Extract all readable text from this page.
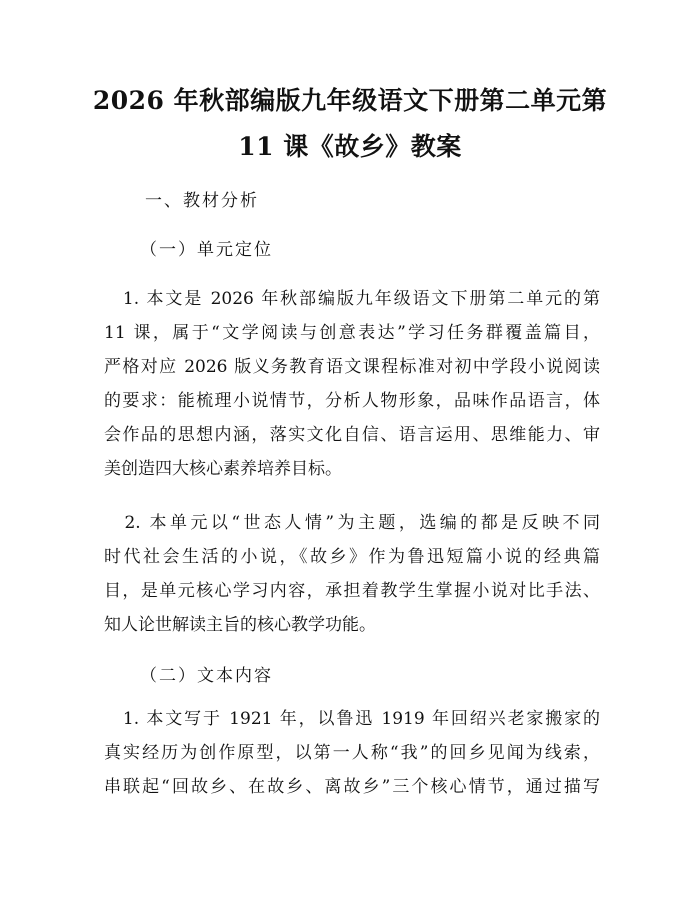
2026 年秋部编版九年级语文下册第二单元第
11 课《故乡》教案
一、教材分析
（一）单元定位
　1. 本文是 2026 年秋部编版九年级语文下册第二单元的第
11 课，属于“文学阅读与创意表达”学习任务群覆盖篇目，
严格对应 2026 版义务教育语文课程标准对初中学段小说阅读
的要求：能梳理小说情节，分析人物形象，品味作品语言，体
会作品的思想内涵，落实文化自信、语言运用、思维能力、审
美创造四大核心素养培养目标。
　2. 本单元以“世态人情”为主题，选编的都是反映不同
时代社会生活的小说，《故乡》作为鲁迅短篇小说的经典篇
目，是单元核心学习内容，承担着教学生掌握小说对比手法、
知人论世解读主旨的核心教学功能。
（二）文本内容
　1. 本文写于 1921 年，以鲁迅 1919 年回绍兴老家搬家的
真实经历为创作原型，以第一人称“我”的回乡见闻为线索，
串联起“回故乡、在故乡、离故乡”三个核心情节，通过描写
